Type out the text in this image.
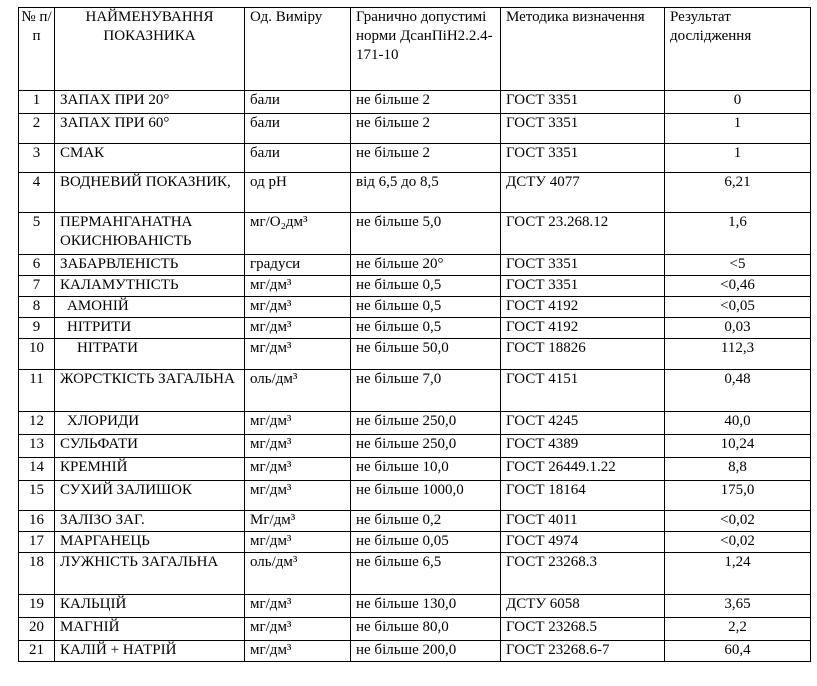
№ п/п	НАЙМЕНУВАННЯ ПОКАЗНИКА	Од. Виміру	Гранично допустимі норми ДсанПіН2.2.4-171-10	Методика визначення	Результат дослідження
1	ЗАПАХ ПРИ 20°	бали	не більше 2	ГОСТ 3351	0
2	ЗАПАХ ПРИ 60°	бали	не більше 2	ГОСТ 3351	1
3	СМАК	бали	не більше 2	ГОСТ 3351	1
4	ВОДНЕВИЙ ПОКАЗНИК,	од рН	від 6,5 до 8,5	ДСТУ 4077	6,21
5	ПЕРМАНГАНАТНА ОКИСНЮВАНІСТЬ	мг/О₂дм³	не більше 5,0	ГОСТ 23.268.12	1,6
6	ЗАБАРВЛЕНІСТЬ	градуси	не більше 20°	ГОСТ 3351	<5
7	КАЛАМУТНІСТЬ	мг/дм³	не більше 0,5	ГОСТ 3351	<0,46
8	АМОНІЙ	мг/дм³	не більше 0,5	ГОСТ 4192	<0,05
9	НІТРИТИ	мг/дм³	не більше 0,5	ГОСТ 4192	0,03
10	НІТРАТИ	мг/дм³	не більше 50,0	ГОСТ 18826	112,3
11	ЖОРСТКІСТЬ ЗАГАЛЬНА	оль/дм³	не більше 7,0	ГОСТ 4151	0,48
12	ХЛОРИДИ	мг/дм³	не більше 250,0	ГОСТ 4245	40,0
13	СУЛЬФАТИ	мг/дм³	не більше 250,0	ГОСТ 4389	10,24
14	КРЕМНІЙ	мг/дм³	не більше 10,0	ГОСТ 26449.1.22	8,8
15	СУХИЙ ЗАЛИШОК	мг/дм³	не більше 1000,0	ГОСТ 18164	175,0
16	ЗАЛІЗО ЗАГ.	Мг/дм³	не більше 0,2	ГОСТ 4011	<0,02
17	МАРГАНЕЦЬ	мг/дм³	не більше 0,05	ГОСТ 4974	<0,02
18	ЛУЖНІСТЬ ЗАГАЛЬНА	оль/дм³	не більше 6,5	ГОСТ 23268.3	1,24
19	КАЛЬЦІЙ	мг/дм³	не більше 130,0	ДСТУ 6058	3,65
20	МАГНІЙ	мг/дм³	не більше 80,0	ГОСТ 23268.5	2,2
21	КАЛІЙ + НАТРІЙ	мг/дм³	не більше 200,0	ГОСТ 23268.6-7	60,4
